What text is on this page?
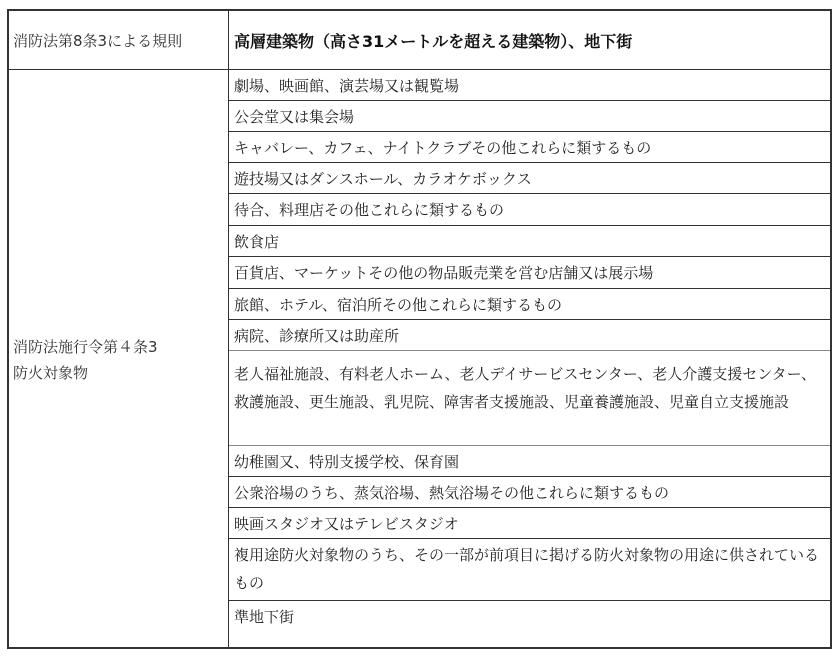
消防法第8条3による規則	高層建築物（高さ31メートルを超える建築物）、地下街
消防法施行令第４条3
防火対象物
劇場、映画館、演芸場又は観覧場
公会堂又は集会場
キャバレー、カフェ、ナイトクラブその他これらに類するもの
遊技場又はダンスホール、カラオケボックス
待合、料理店その他これらに類するもの
飲食店
百貨店、マーケットその他の物品販売業を営む店舗又は展示場
旅館、ホテル、宿泊所その他これらに類するもの
病院、診療所又は助産所
老人福祉施設、有料老人ホーム、老人デイサービスセンター、老人介護支援センター、救護施設、更生施設、乳児院、障害者支援施設、児童養護施設、児童自立支援施設
幼稚園又、特別支援学校、保育園
公衆浴場のうち、蒸気浴場、熱気浴場その他これらに類するもの
映画スタジオ又はテレビスタジオ
複用途防火対象物のうち、その一部が前項目に掲げる防火対象物の用途に供されているもの
準地下街
